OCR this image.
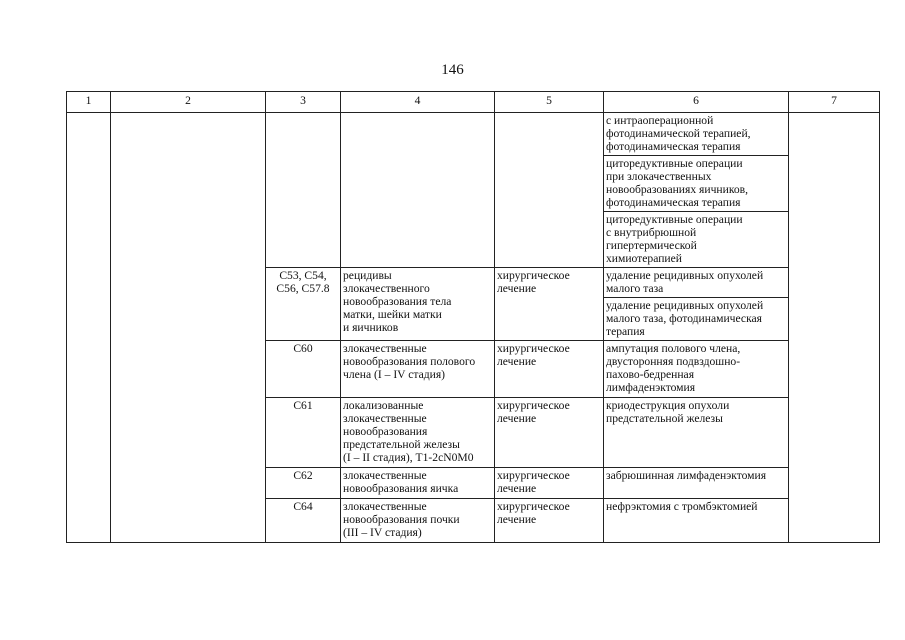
146
1	2	3	4	5	6	7
					с интраоперационной
фотодинамической терапией,
фотодинамическая терапия	
					циторедуктивные операции
при злокачественных
новообразованиях яичников,
фотодинамическая терапия	
					циторедуктивные операции
с внутрибрюшной
гипертермической
химиотерапией	
		C53, C54,
C56, C57.8	рецидивы
злокачественного
новообразования тела
матки, шейки матки
и яичников	хирургическое
лечение	удаление рецидивных опухолей
малого таза	
					удаление рецидивных опухолей
малого таза, фотодинамическая
терапия	
		C60	злокачественные
новообразования полового
члена (I – IV стадия)	хирургическое
лечение	ампутация полового члена,
двусторонняя подвздошно-
пахово-бедренная
лимфаденэктомия	
		C61	локализованные
злокачественные
новообразования
предстательной железы
(I – II стадия), T1-2cN0M0	хирургическое
лечение	криодеструкция опухоли
предстательной железы	
		C62	злокачественные
новообразования яичка	хирургическое
лечение	забрюшинная лимфаденэктомия	
		C64	злокачественные
новообразования почки
(III – IV стадия)	хирургическое
лечение	нефрэктомия с тромбэктомией	
